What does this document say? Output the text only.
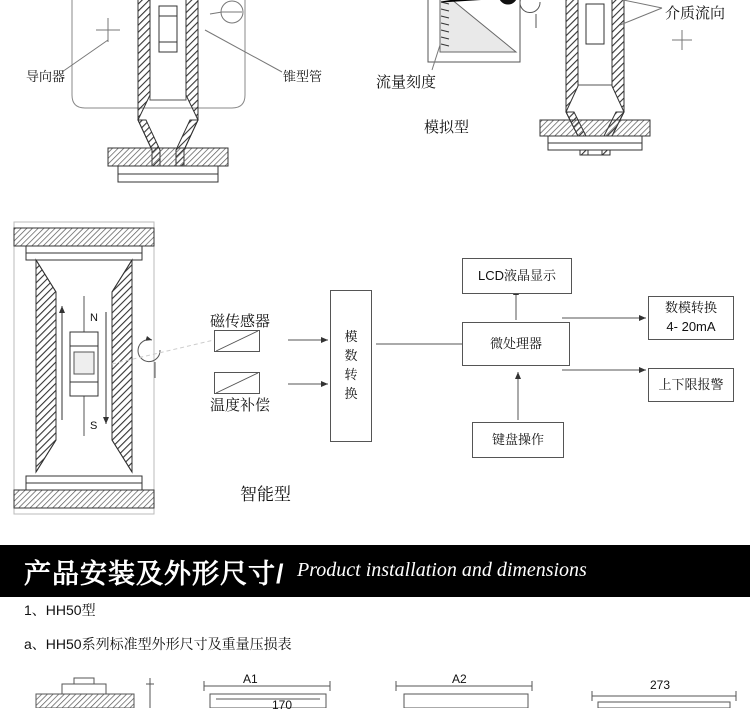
导向器	锥型管	流量刻度
介质流向
模拟型
磁传感器
温度补偿
模
数
转
换
LCD液晶显示
微处理器
数模转换
4- 20mA
上下限报警
键盘操作
智能型
N
S
产品安装及外形尺寸/ Product installation and dimensions
1、HH50型
a、HH50系列标准型外形尺寸及重量压损表
A1
170
A2	273
